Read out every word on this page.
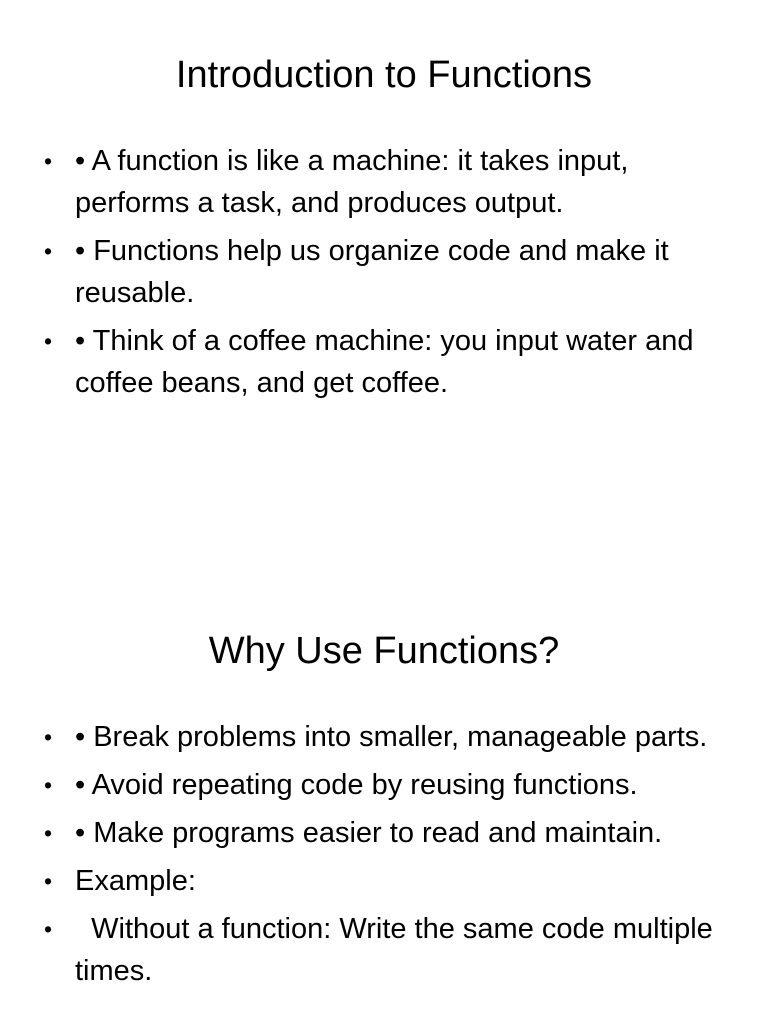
Introduction to Functions
• • A function is like a machine: it takes input, performs a task, and produces output.
• • Functions help us organize code and make it reusable.
• • Think of a coffee machine: you input water and coffee beans, and get coffee.
Why Use Functions?
• • Break problems into smaller, manageable parts.
• • Avoid repeating code by reusing functions.
• • Make programs easier to read and maintain.
• Example:
• Without a function: Write the same code multiple times.
